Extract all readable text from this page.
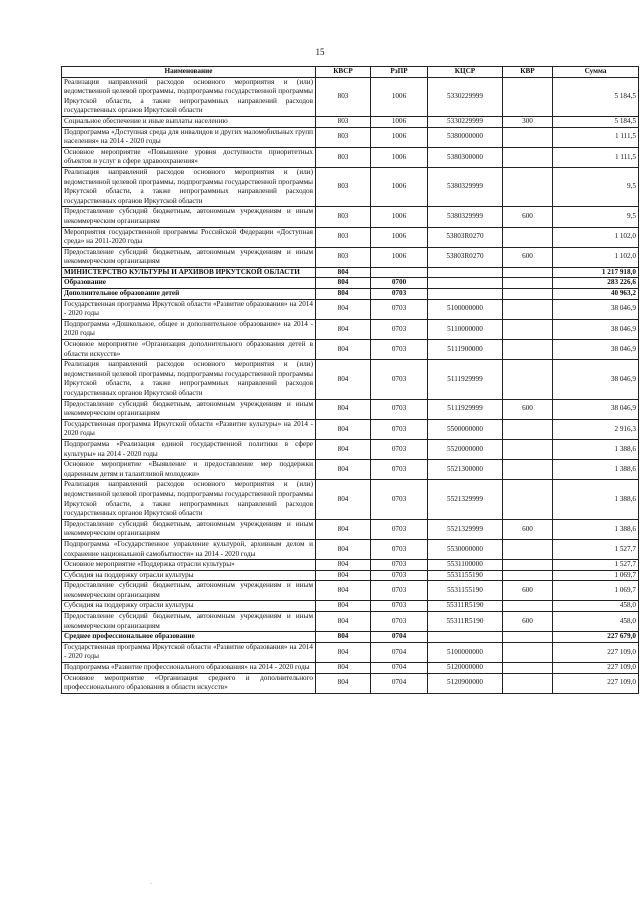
15
Наименование	КВСР	РзПР	КЦСР	КВР	Сумма
Реализация направлений расходов основного мероприятия и (или) ведомственной целевой программы, подпрограммы государственной программы Иркутской области, а также непрограммных направлений расходов государственных органов Иркутской области	803	1006	5330229999		5 184,5
Социальное обеспечение и иные выплаты населению	803	1006	5330229999	300	5 184,5
Подпрограмма «Доступная среда для инвалидов и других маломобильных групп населения» на 2014 - 2020 годы	803	1006	5380000000		1 111,5
Основное мероприятие «Повышение уровня доступности приоритетных объектов и услуг в сфере здравоохранения»	803	1006	5380300000		1 111,5
Реализация направлений расходов основного мероприятия и (или) ведомственной целевой программы, подпрограммы государственной программы Иркутской области, а также непрограммных направлений расходов государственных органов Иркутской области	803	1006	5380329999		9,5
Предоставление субсидий бюджетным, автономным учреждениям и иным некоммерческим организациям	803	1006	5380329999	600	9,5
Мероприятия государственной программы Российской Федерации «Доступная среда» на 2011-2020 годы	803	1006	53803R0270		1 102,0
Предоставление субсидий бюджетным, автономным учреждениям и иным некоммерческим организациям	803	1006	53803R0270	600	1 102,0
МИНИСТЕРСТВО КУЛЬТУРЫ И АРХИВОВ ИРКУТСКОЙ ОБЛАСТИ	804				1 217 918,0
Образование	804	0700			283 226,6
Дополнительное образование детей	804	0703			40 963,2
Государственная программа Иркутской области «Развитие образования» на 2014 - 2020 годы	804	0703	5100000000		38 046,9
Подпрограмма «Дошкольное, общее и дополнительное образование» на 2014 - 2020 годы	804	0703	5110000000		38 046,9
Основное мероприятие «Организация дополнительного образования детей в области искусств»	804	0703	5111900000		38 046,9
Реализация направлений расходов основного мероприятия и (или) ведомственной целевой программы, подпрограммы государственной программы Иркутской области, а также непрограммных направлений расходов государственных органов Иркутской области	804	0703	5111929999		38 046,9
Предоставление субсидий бюджетным, автономным учреждениям и иным некоммерческим организациям	804	0703	5111929999	600	38 046,9
Государственная программа Иркутской области «Развитие культуры» на 2014 - 2020 годы	804	0703	5500000000		2 916,3
Подпрограмма «Реализация единой государственной политики в сфере культуры» на 2014 - 2020 годы	804	0703	5520000000		1 388,6
Основное мероприятие «Выявление и предоставление мер поддержки одаренным детям и талантливой молодежи»	804	0703	5521300000		1 388,6
Реализация направлений расходов основного мероприятия и (или) ведомственной целевой программы, подпрограммы государственной программы Иркутской области, а также непрограммных направлений расходов государственных органов Иркутской области	804	0703	5521329999		1 388,6
Предоставление субсидий бюджетным, автономным учреждениям и иным некоммерческим организациям	804	0703	5521329999	600	1 388,6
Подпрограмма «Государственное управление культурой, архивным делом и сохранение национальной самобытности» на 2014 - 2020 годы	804	0703	5530000000		1 527,7
Основное мероприятие «Поддержка отрасли культуры»	804	0703	5531100000		1 527,7
Субсидия на поддержку отрасли культуры	804	0703	5531155190		1 069,7
Предоставление субсидий бюджетным, автономным учреждениям и иным некоммерческим организациям	804	0703	5531155190	600	1 069,7
Субсидия на поддержку отрасли культуры	804	0703	55311R5190		458,0
Предоставление субсидий бюджетным, автономным учреждениям и иным некоммерческим организациям	804	0703	55311R5190	600	458,0
Среднее профессиональное образование	804	0704			227 679,0
Государственная программа Иркутской области «Развитие образования» на 2014 - 2020 годы	804	0704	5100000000		227 109,0
Подпрограмма «Развитие профессионального образования» на 2014 - 2020 годы	804	0704	5120000000		227 109,0
Основное мероприятие «Организация среднего и дополнительного профессионального образования в области искусств»	804	0704	5120900000		227 109,0
·
